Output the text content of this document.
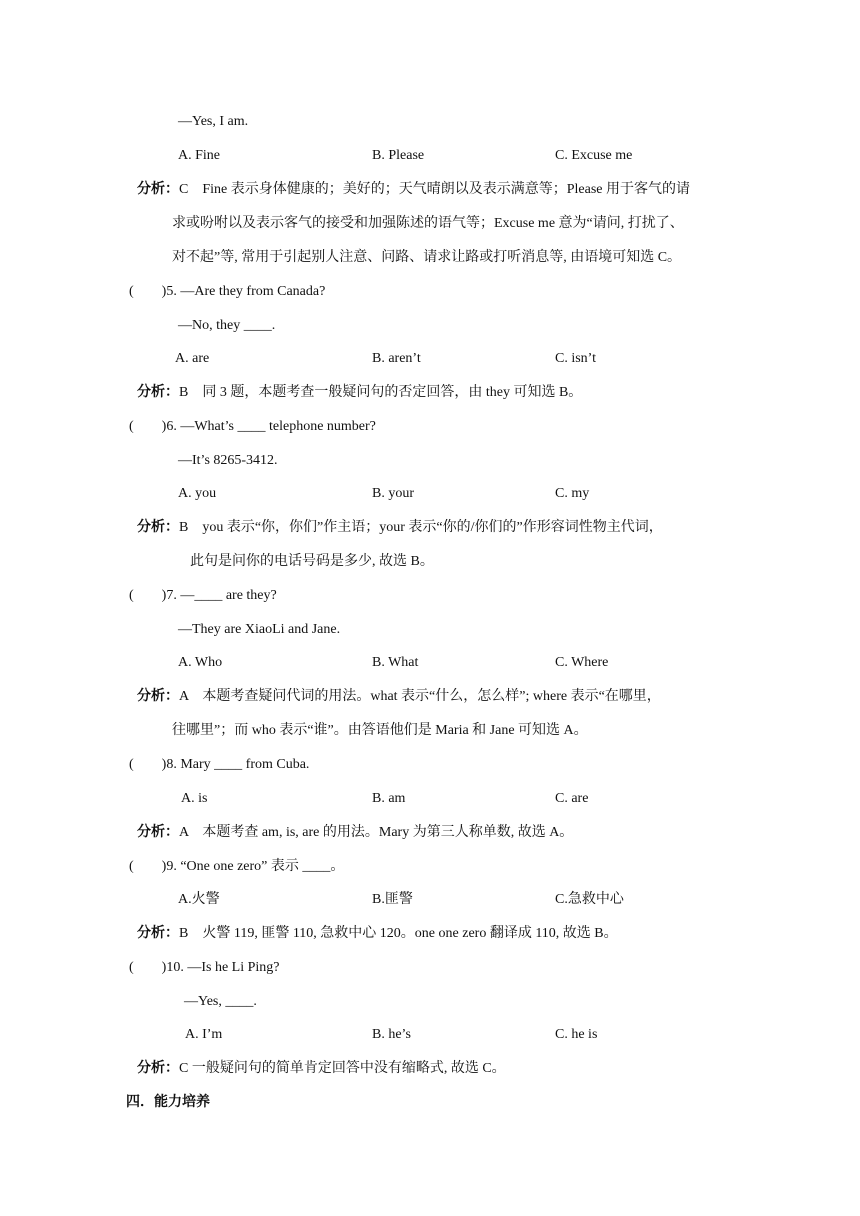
—Yes, I am.
A. Fine	B. Please	C. Excuse me
分析：C　Fine 表示身体健康的；美好的；天气晴朗以及表示满意等；Please 用于客气的请
求或吩咐以及表示客气的接受和加强陈述的语气等；Excuse me 意为“请问, 打扰了、
对不起”等, 常用于引起别人注意、问路、请求让路或打听消息等, 由语境可知选 C。
(　　)5. —Are they from Canada?
—No, they ____.
A. are	B. aren’t	C. isn’t
分析：B　同 3 题，本题考查一般疑问句的否定回答，由 they 可知选 B。
(　　)6. —What’s ____ telephone number?
—It’s 8265-3412.
A. you	B. your	C. my
分析：B　you 表示“你，你们”作主语；your 表示“你的/你们的”作形容词性物主代词，
此句是问你的电话号码是多少, 故选 B。
(　　)7. —____ are they?
—They are XiaoLi and Jane.
A. Who	B. What	C. Where
分析：A　本题考查疑问代词的用法。what 表示“什么，怎么样”; where 表示“在哪里，
往哪里”；而 who 表示“谁”。由答语他们是 Maria 和 Jane 可知选 A。
(　　)8. Mary ____ from Cuba.
A. is	B. am	C. are
分析：A　本题考查 am, is, are 的用法。Mary 为第三人称单数, 故选 A。
(　　)9. “One one zero” 表示 ____。
A.火警	B.匪警	C.急救中心
分析：B　火警 119, 匪警 110, 急救中心 120。one one zero 翻译成 110, 故选 B。
(　　)10. —Is he Li Ping?
—Yes, ____.
A. I’m	B. he’s	C. he is
分析：C 一般疑问句的简单肯定回答中没有缩略式, 故选 C。
四．能力培养
